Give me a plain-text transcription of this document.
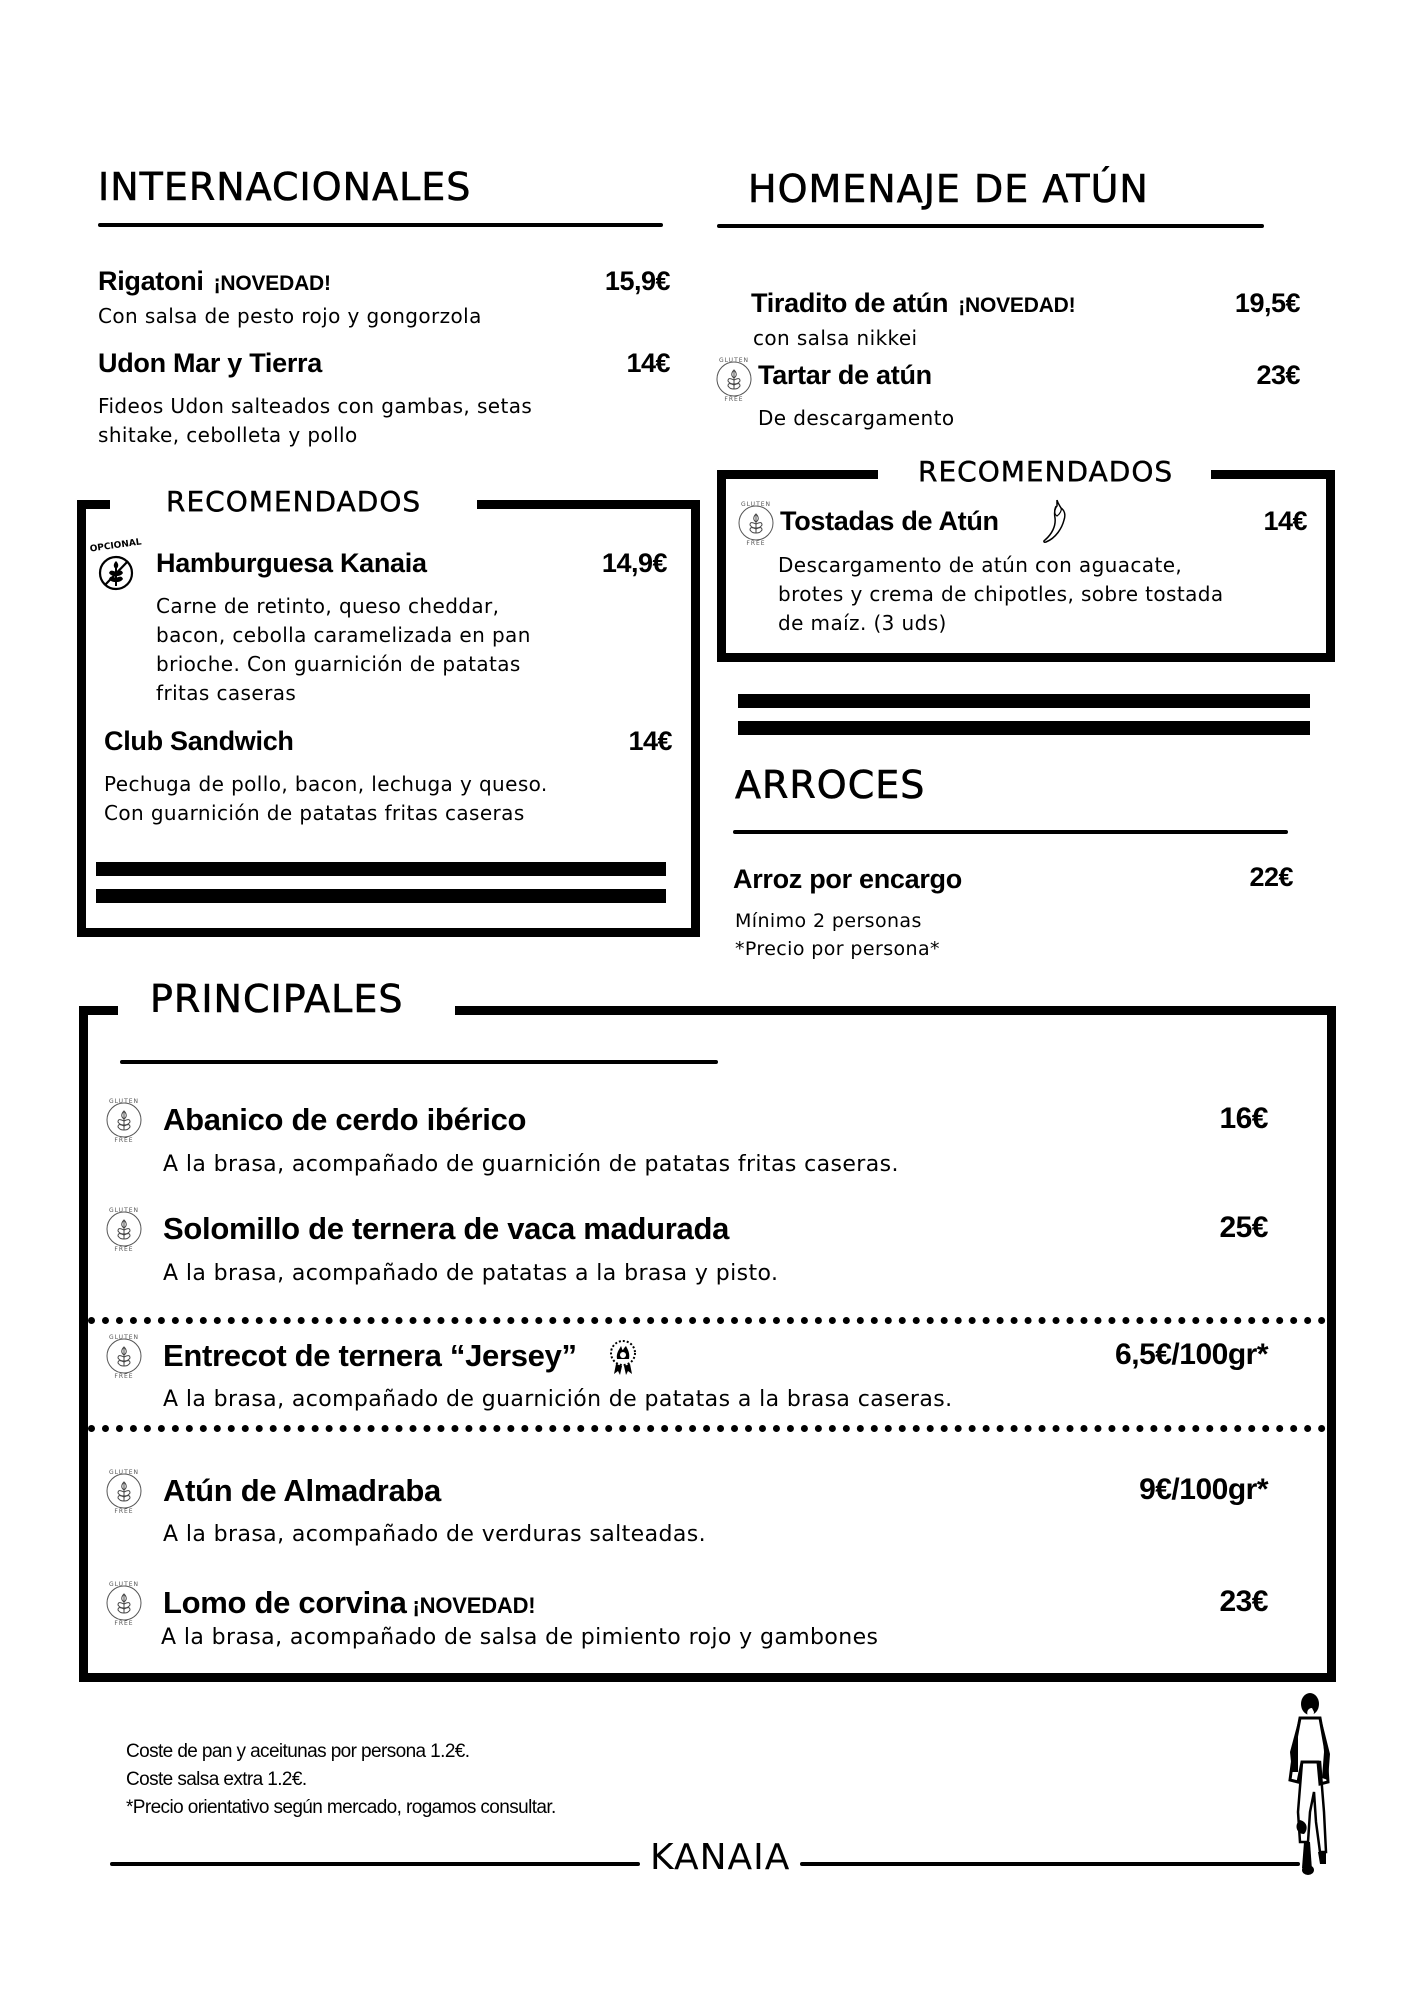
INTERNACIONALES
Rigatoni ¡NOVEDAD!	15,9€
Con salsa de pesto rojo y gongorzola
Udon Mar y Tierra	14€
Fideos Udon salteados con gambas, setas
shitake, cebolleta y pollo
RECOMENDADOS
OPCIONAL
Hamburguesa Kanaia	14,9€
Carne de retinto, queso cheddar,
bacon, cebolla caramelizada en pan
brioche. Con guarnición de patatas
fritas caseras
Club Sandwich	14€
Pechuga de pollo, bacon, lechuga y queso.
Con guarnición de patatas fritas caseras
HOMENAJE DE ATÚN
Tiradito de atún ¡NOVEDAD!	19,5€
con salsa nikkei
Tartar de atún	23€
De descargamento
RECOMENDADOS
Tostadas de Atún	14€
Descargamento de atún con aguacate,
brotes y crema de chipotles, sobre tostada
de maíz. (3 uds)
ARROCES
Arroz por encargo	22€
Mínimo 2 personas
*Precio por persona*
PRINCIPALES
Abanico de cerdo ibérico	16€
A la brasa, acompañado de guarnición de patatas fritas caseras.
Solomillo de ternera de vaca madurada	25€
A la brasa, acompañado de patatas a la brasa y pisto.
Entrecot de ternera “Jersey”	6,5€/100gr*
A la brasa, acompañado de guarnición de patatas a la brasa caseras.
Atún de Almadraba	9€/100gr*
A la brasa, acompañado de verduras salteadas.
Lomo de corvina ¡NOVEDAD!	23€
A la brasa, acompañado de salsa de pimiento rojo y gambones
Coste de pan y aceitunas por persona 1.2€.
Coste salsa extra 1.2€.
*Precio orientativo según mercado, rogamos consultar.
KANAIA
